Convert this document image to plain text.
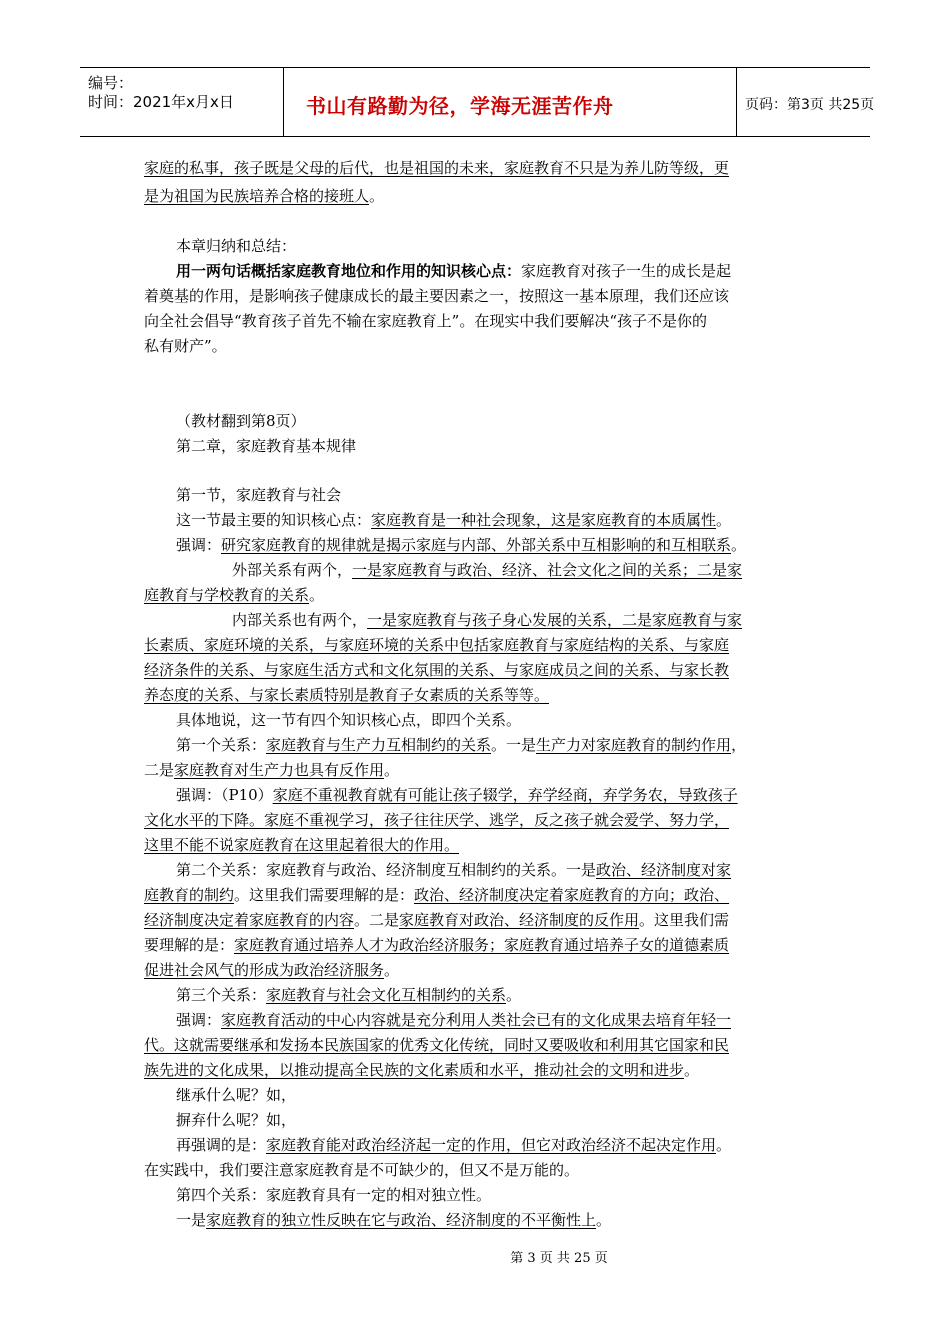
编号：
时间：2021年x月x日	书山有路勤为径，学海无涯苦作舟	页码：第3页 共25页
家庭的私事，孩子既是父母的后代，也是祖国的未来，家庭教育不只是为养儿防等级，更
是为祖国为民族培养合格的接班人。
本章归纳和总结：
用一两句话概括家庭教育地位和作用的知识核心点：家庭教育对孩子一生的成长是起
着奠基的作用，是影响孩子健康成长的最主要因素之一，按照这一基本原理，我们还应该
向全社会倡导“教育孩子首先不输在家庭教育上”。在现实中我们要解决“孩子不是你的
私有财产”。
（教材翻到第8页）
第二章，家庭教育基本规律
第一节，家庭教育与社会
这一节最主要的知识核心点：家庭教育是一种社会现象，这是家庭教育的本质属性。
强调：研究家庭教育的规律就是揭示家庭与内部、外部关系中互相影响的和互相联系。
外部关系有两个，一是家庭教育与政治、经济、社会文化之间的关系；二是家
庭教育与学校教育的关系。
内部关系也有两个，一是家庭教育与孩子身心发展的关系，二是家庭教育与家
长素质、家庭环境的关系，与家庭环境的关系中包括家庭教育与家庭结构的关系、与家庭
经济条件的关系、与家庭生活方式和文化氛围的关系、与家庭成员之间的关系、与家长教
养态度的关系、与家长素质特别是教育子女素质的关系等等。
具体地说，这一节有四个知识核心点，即四个关系。
第一个关系：家庭教育与生产力互相制约的关系。一是生产力对家庭教育的制约作用，
二是家庭教育对生产力也具有反作用。
强调：（P10）家庭不重视教育就有可能让孩子辍学，弃学经商，弃学务农，导致孩子
文化水平的下降。家庭不重视学习，孩子往往厌学、逃学，反之孩子就会爱学、努力学，
这里不能不说家庭教育在这里起着很大的作用。
第二个关系：家庭教育与政治、经济制度互相制约的关系。一是政治、经济制度对家
庭教育的制约。这里我们需要理解的是：政治、经济制度决定着家庭教育的方向；政治、
经济制度决定着家庭教育的内容。二是家庭教育对政治、经济制度的反作用。这里我们需
要理解的是：家庭教育通过培养人才为政治经济服务；家庭教育通过培养子女的道德素质
促进社会风气的形成为政治经济服务。
第三个关系：家庭教育与社会文化互相制约的关系。
强调：家庭教育活动的中心内容就是充分利用人类社会已有的文化成果去培育年轻一
代。这就需要继承和发扬本民族国家的优秀文化传统，同时又要吸收和利用其它国家和民
族先进的文化成果，以推动提高全民族的文化素质和水平，推动社会的文明和进步。
继承什么呢？如，
摒弃什么呢？如，
再强调的是：家庭教育能对政治经济起一定的作用，但它对政治经济不起决定作用。
在实践中，我们要注意家庭教育是不可缺少的，但又不是万能的。
第四个关系：家庭教育具有一定的相对独立性。
一是家庭教育的独立性反映在它与政治、经济制度的不平衡性上。
第 3 页 共 25 页
